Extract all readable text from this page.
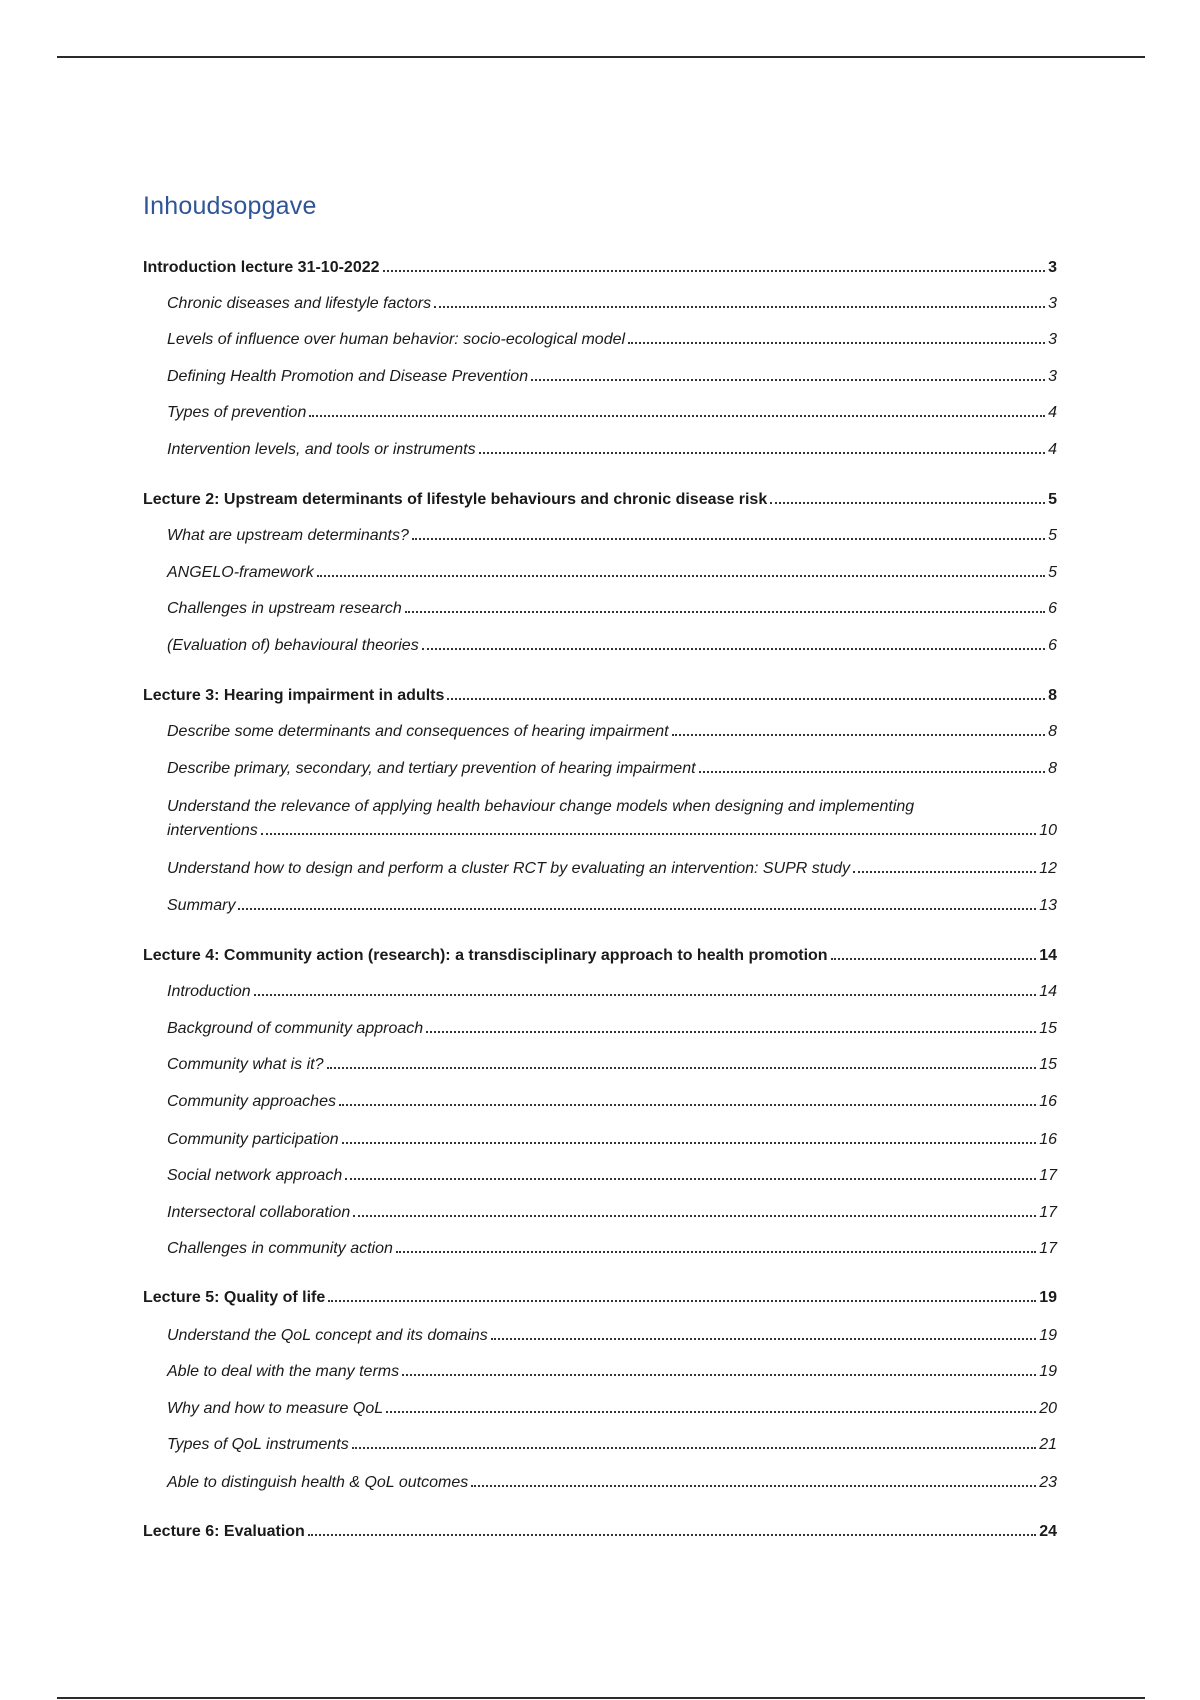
Inhoudsopgave
Introduction lecture 31-10-2022	3
Chronic diseases and lifestyle factors	3
Levels of influence over human behavior: socio-ecological model	3
Defining Health Promotion and Disease Prevention	3
Types of prevention	4
Intervention levels, and tools or instruments	4
Lecture 2: Upstream determinants of lifestyle behaviours and chronic disease risk	5
What are upstream determinants?	5
ANGELO-framework	5
Challenges in upstream research	6
(Evaluation of) behavioural theories	6
Lecture 3: Hearing impairment in adults	8
Describe some determinants and consequences of hearing impairment	8
Describe primary, secondary, and tertiary prevention of hearing impairment	8
Understand the relevance of applying health behaviour change models when designing and implementing
interventions	10
Understand how to design and perform a cluster RCT by evaluating an intervention: SUPR study	12
Summary	13
Lecture 4: Community action (research): a transdisciplinary approach to health promotion	14
Introduction	14
Background of community approach	15
Community what is it?	15
Community approaches	16
Community participation	16
Social network approach	17
Intersectoral collaboration	17
Challenges in community action	17
Lecture 5: Quality of life	19
Understand the QoL concept and its domains	19
Able to deal with the many terms	19
Why and how to measure QoL	20
Types of QoL instruments	21
Able to distinguish health & QoL outcomes	23
Lecture 6: Evaluation	24
